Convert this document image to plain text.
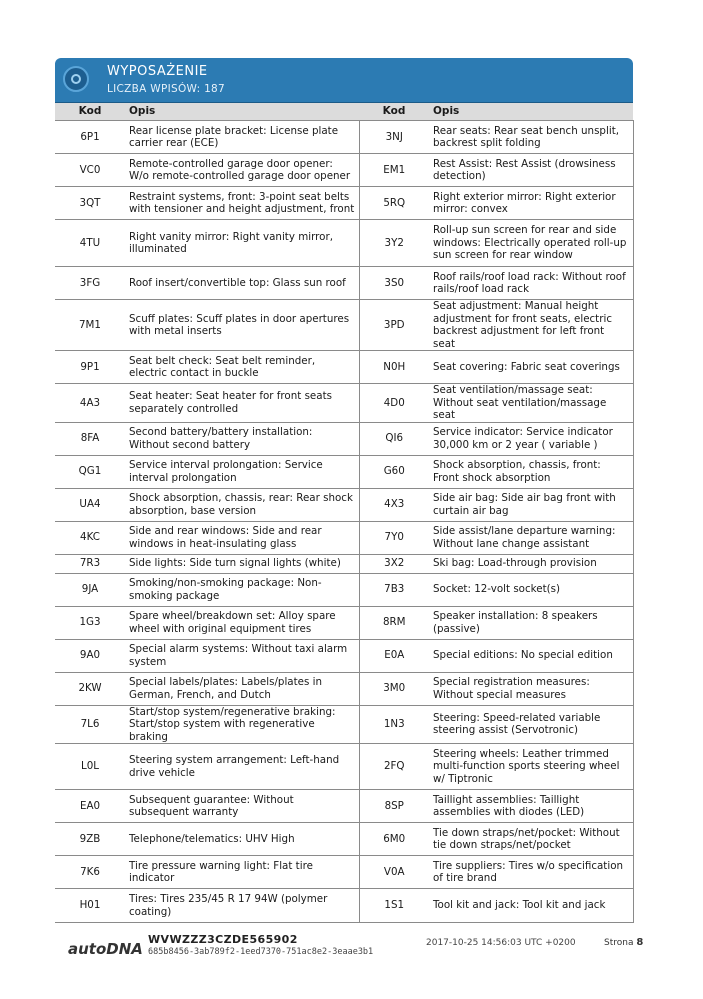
WYPOSAŻENIE
LICZBA WPISÓW: 187
Kod	Opis	Kod	Opis
6P1	Rear license plate bracket: License plate carrier rear (ECE)	3NJ	Rear seats: Rear seat bench unsplit, backrest split folding
VC0	Remote-controlled garage door opener: W/o remote-controlled garage door opener	EM1	Rest Assist: Rest Assist (drowsiness detection)
3QT	Restraint systems, front: 3-point seat belts with tensioner and height adjustment, front	5RQ	Right exterior mirror: Right exterior mirror: convex
4TU	Right vanity mirror: Right vanity mirror, illuminated	3Y2	Roll-up sun screen for rear and side windows: Electrically operated roll-up sun screen for rear window
3FG	Roof insert/convertible top: Glass sun roof	3S0	Roof rails/roof load rack: Without roof rails/roof load rack
7M1	Scuff plates: Scuff plates in door apertures with metal inserts	3PD	Seat adjustment: Manual height adjustment for front seats, electric backrest adjustment for left front seat
9P1	Seat belt check: Seat belt reminder, electric contact in buckle	N0H	Seat covering: Fabric seat coverings
4A3	Seat heater: Seat heater for front seats separately controlled	4D0	Seat ventilation/massage seat: Without seat ventilation/massage seat
8FA	Second battery/battery installation: Without second battery	QI6	Service indicator: Service indicator 30,000 km or 2 year ( variable )
QG1	Service interval prolongation: Service interval prolongation	G60	Shock absorption, chassis, front: Front shock absorption
UA4	Shock absorption, chassis, rear: Rear shock absorption, base version	4X3	Side air bag: Side air bag front with curtain air bag
4KC	Side and rear windows: Side and rear windows in heat-insulating glass	7Y0	Side assist/lane departure warning: Without lane change assistant
7R3	Side lights: Side turn signal lights (white)	3X2	Ski bag: Load-through provision
9JA	Smoking/non-smoking package: Non-smoking package	7B3	Socket: 12-volt socket(s)
1G3	Spare wheel/breakdown set: Alloy spare wheel with original equipment tires	8RM	Speaker installation: 8 speakers (passive)
9A0	Special alarm systems: Without taxi alarm system	E0A	Special editions: No special edition
2KW	Special labels/plates: Labels/plates in German, French, and Dutch	3M0	Special registration measures: Without special measures
7L6	Start/stop system/regenerative braking: Start/stop system with regenerative braking	1N3	Steering: Speed-related variable steering assist (Servotronic)
L0L	Steering system arrangement: Left-hand drive vehicle	2FQ	Steering wheels: Leather trimmed multi-function sports steering wheel w/ Tiptronic
EA0	Subsequent guarantee: Without subsequent warranty	8SP	Taillight assemblies: Taillight assemblies with diodes (LED)
9ZB	Telephone/telematics: UHV High	6M0	Tie down straps/net/pocket: Without tie down straps/net/pocket
7K6	Tire pressure warning light: Flat tire indicator	V0A	Tire suppliers: Tires w/o specification of tire brand
H01	Tires: Tires 235/45 R 17 94W (polymer coating)	1S1	Tool kit and jack: Tool kit and jack
autoDNA
WVWZZZ3CZDE565902
685b8456-3ab789f2-1eed7370-751ac8e2-3eaae3b1
2017-10-25 14:56:03 UTC +0200	Strona 8
